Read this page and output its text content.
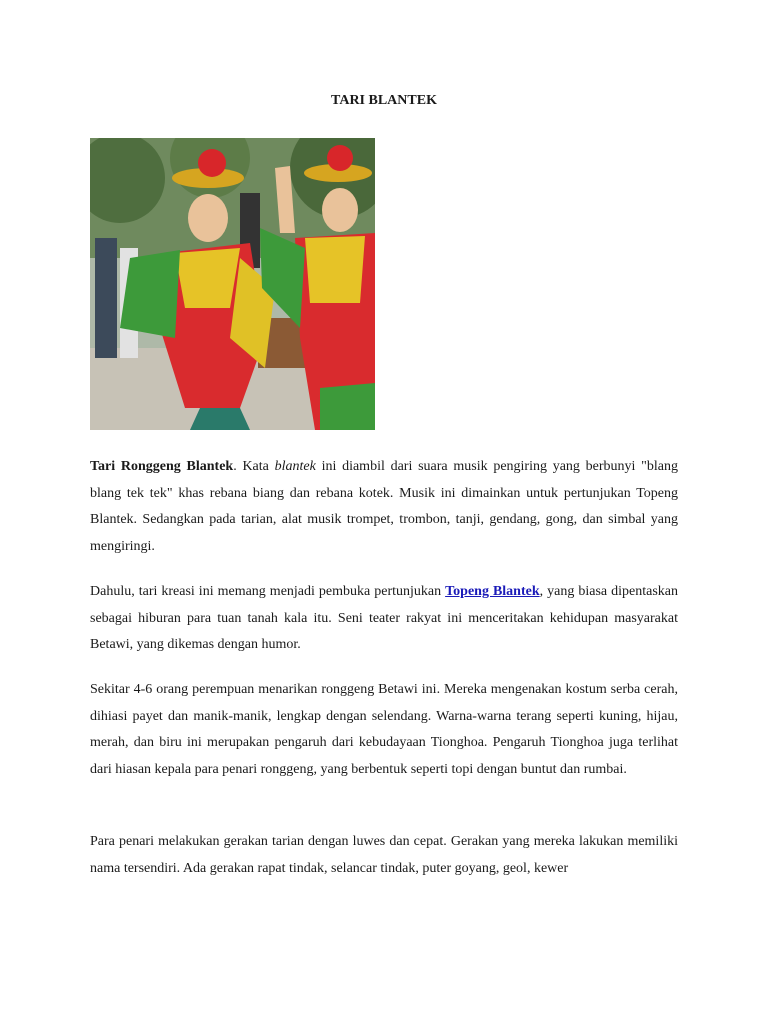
TARI BLANTEK

Tari Ronggeng Blantek. Kata blantek ini diambil dari suara musik pengiring yang berbunyi "blang blang tek tek" khas rebana biang dan rebana kotek. Musik ini dimainkan untuk pertunjukan Topeng Blantek. Sedangkan pada tarian, alat musik trompet, trombon, tanji, gendang, gong, dan simbal yang mengiringi.

Dahulu, tari kreasi ini memang menjadi pembuka pertunjukan Topeng Blantek, yang biasa dipentaskan sebagai hiburan para tuan tanah kala itu. Seni teater rakyat ini menceritakan kehidupan masyarakat Betawi, yang dikemas dengan humor.

Sekitar 4-6 orang perempuan menarikan ronggeng Betawi ini. Mereka mengenakan kostum serba cerah, dihiasi payet dan manik-manik, lengkap dengan selendang. Warna-warna terang seperti kuning, hijau, merah, dan biru ini merupakan pengaruh dari kebudayaan Tionghoa. Pengaruh Tionghoa juga terlihat dari hiasan kepala para penari ronggeng, yang berbentuk seperti topi dengan buntut dan rumbai.

Para penari melakukan gerakan tarian dengan luwes dan cepat. Gerakan yang mereka lakukan memiliki nama tersendiri. Ada gerakan rapat tindak, selancar tindak, puter goyang, geol, kewer
